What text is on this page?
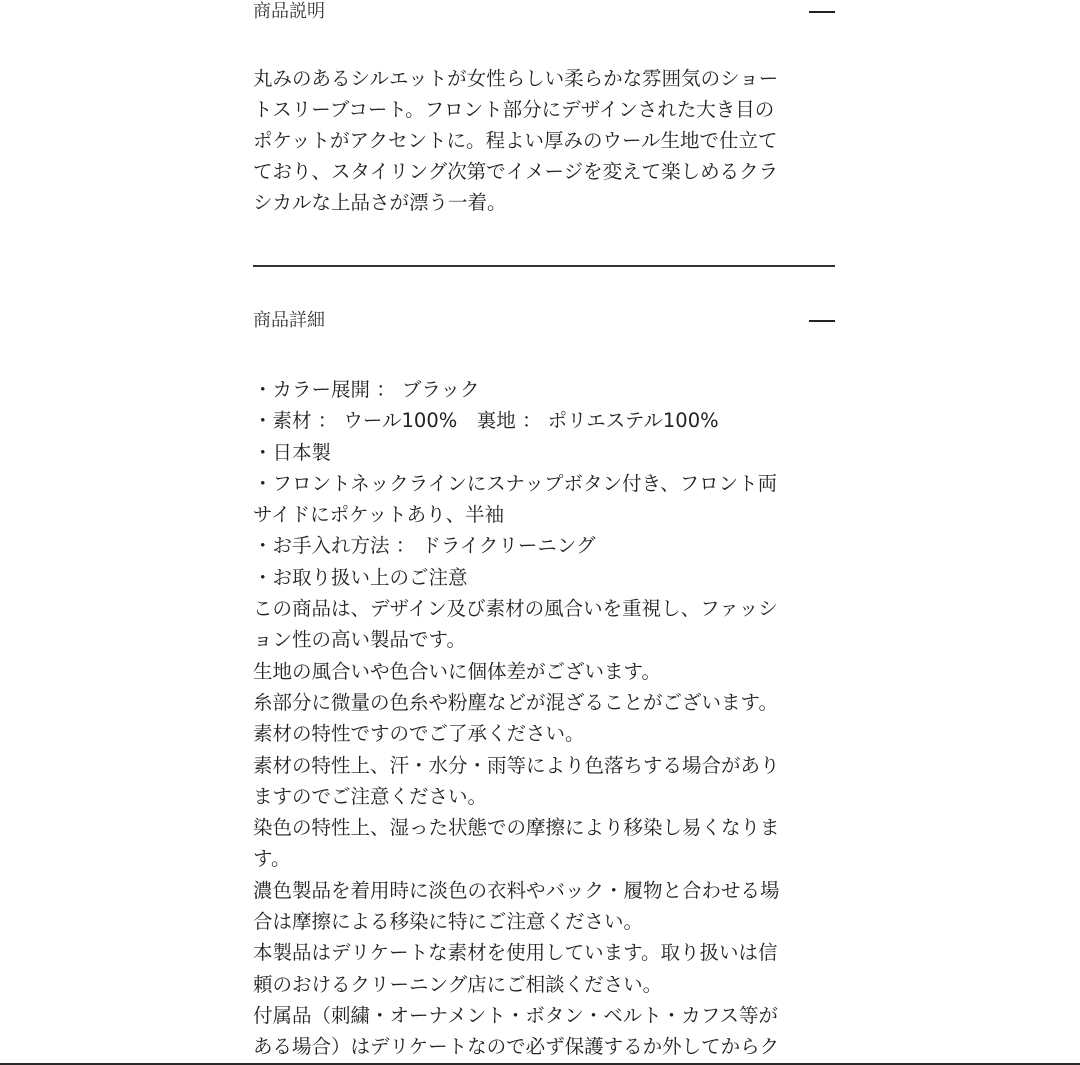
商品説明
丸みのあるシルエットが女性らしい柔らかな雰囲気のショー
トスリーブコート。フロント部分にデザインされた大き目の
ポケットがアクセントに。程よい厚みのウール生地で仕立て
ており、スタイリング次第でイメージを変えて楽しめるクラ
シカルな上品さが漂う一着。
商品詳細
・カラー展開 ： ブラック
・素材 ： ウール100%　裏地 ： ポリエステル100%
・日本製
・フロントネックラインにスナップボタン付き、フロント両
サイドにポケットあり、半袖
・お手入れ方法 ： ドライクリーニング
・お取り扱い上のご注意
この商品は、デザイン及び素材の風合いを重視し、ファッシ
ョン性の高い製品です。
生地の風合いや色合いに個体差がございます。
糸部分に微量の色糸や粉塵などが混ざることがございます。
素材の特性ですのでご了承ください。
素材の特性上、汗・水分・雨等により色落ちする場合があり
ますのでご注意ください。
染色の特性上、湿った状態での摩擦により移染し易くなりま
す。
濃色製品を着用時に淡色の衣料やバック・履物と合わせる場
合は摩擦による移染に特にご注意ください。
本製品はデリケートな素材を使用しています。取り扱いは信
頼のおけるクリーニング店にご相談ください。
付属品（刺繍・オーナメント・ボタン・ベルト・カフス等が
ある場合）はデリケートなので必ず保護するか外してからク
